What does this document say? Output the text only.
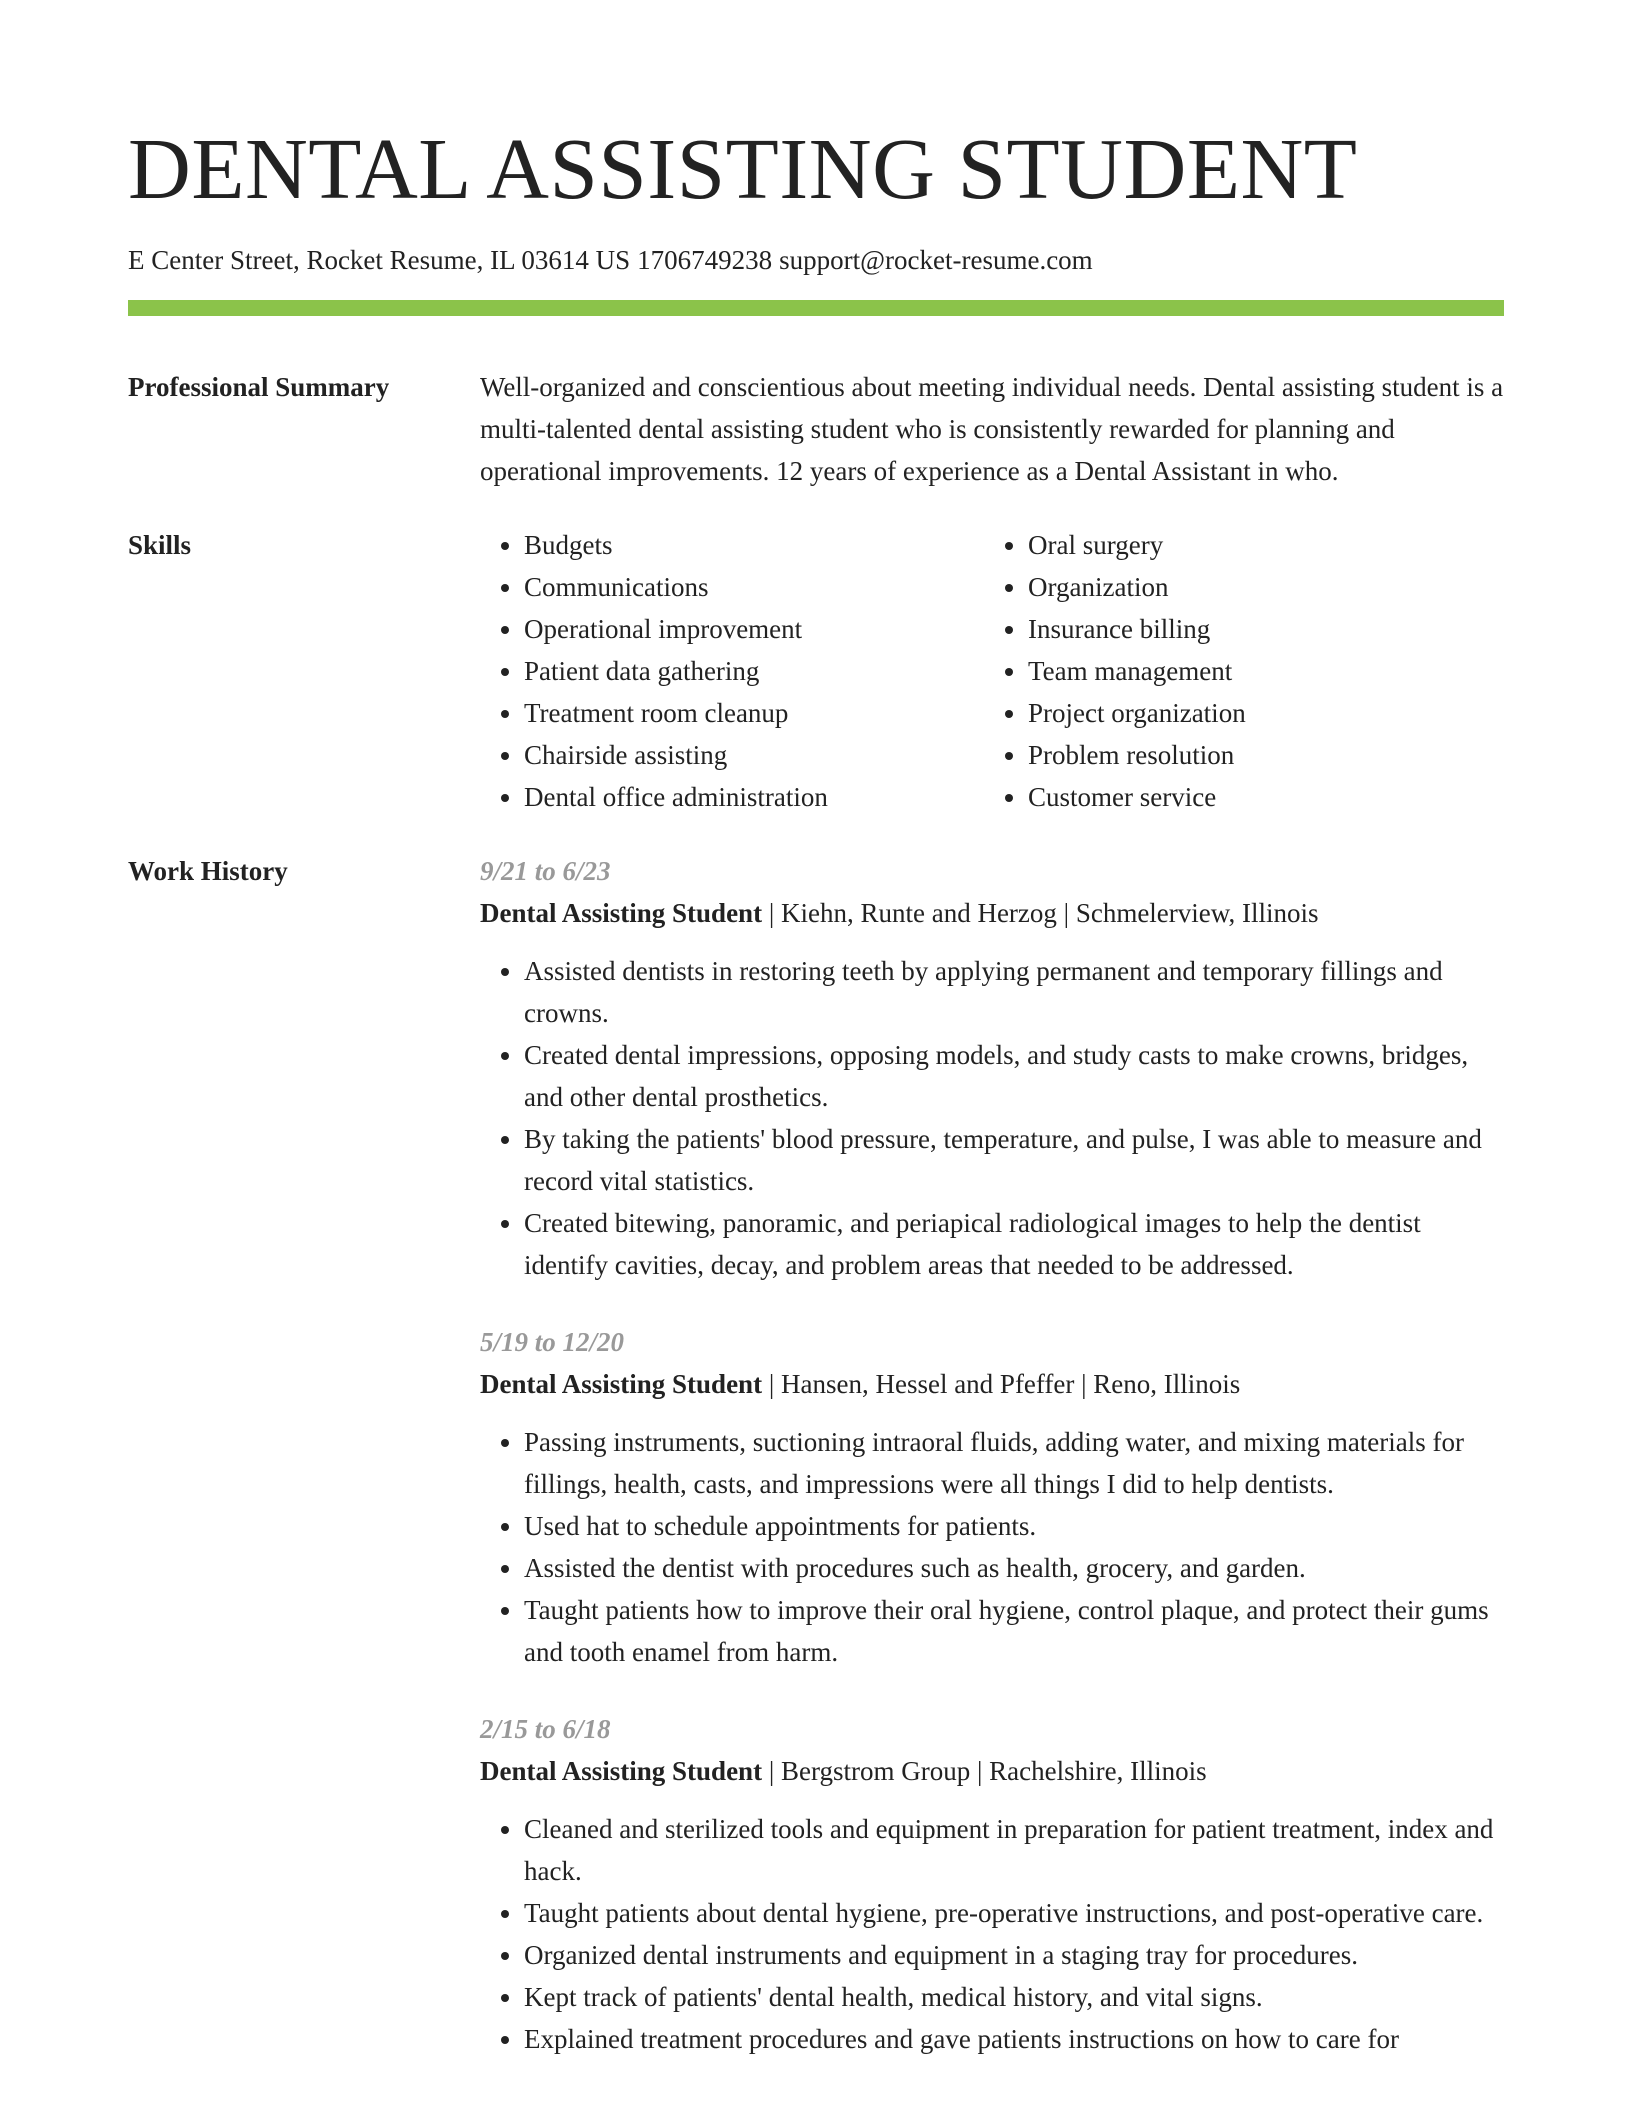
DENTAL ASSISTING STUDENT
E Center Street, Rocket Resume, IL 03614 US 1706749238 support@rocket-resume.com
Professional Summary	Well-organized and conscientious about meeting individual needs. Dental assisting student is a multi-talented dental assisting student who is consistently rewarded for planning and operational improvements. 12 years of experience as a Dental Assistant in who.

Skills
•	Budgets
• Communications
• Operational improvement
• Patient data gathering
• Treatment room cleanup
• Chairside assisting
• Dental office administration
• Oral surgery
• Organization
• Insurance billing
• Team management
• Project organization
• Problem resolution
• Customer service
Work History	9/21 to 6/23
Dental Assisting Student | Kiehn, Runte and Herzog | Schmelerview, Illinois
• Assisted dentists in restoring teeth by applying permanent and temporary fillings and crowns.
• Created dental impressions, opposing models, and study casts to make crowns, bridges, and other dental prosthetics.
• By taking the patients' blood pressure, temperature, and pulse, I was able to measure and record vital statistics.
• Created bitewing, panoramic, and periapical radiological images to help the dentist identify cavities, decay, and problem areas that needed to be addressed.
5/19 to 12/20
Dental Assisting Student | Hansen, Hessel and Pfeffer | Reno, Illinois
• Passing instruments, suctioning intraoral fluids, adding water, and mixing materials for fillings, health, casts, and impressions were all things I did to help dentists.
• Used hat to schedule appointments for patients.
• Assisted the dentist with procedures such as health, grocery, and garden.
• Taught patients how to improve their oral hygiene, control plaque, and protect their gums and tooth enamel from harm.
2/15 to 6/18
Dental Assisting Student | Bergstrom Group | Rachelshire, Illinois
• Cleaned and sterilized tools and equipment in preparation for patient treatment, index and hack.
• Taught patients about dental hygiene, pre-operative instructions, and post-operative care.
• Organized dental instruments and equipment in a staging tray for procedures.
• Kept track of patients' dental health, medical history, and vital signs.
• Explained treatment procedures and gave patients instructions on how to care for
